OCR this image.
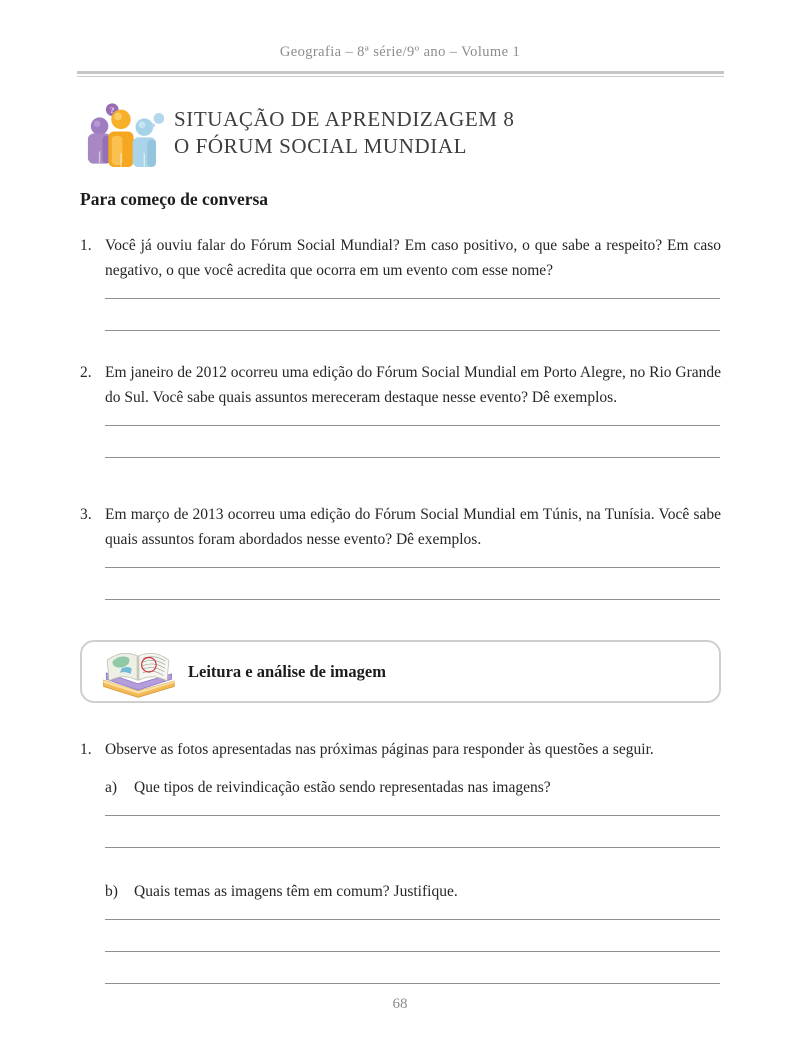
Geografia – 8ª série/9º ano – Volume 1
?	SITUAÇÃO DE APRENDIZAGEM 8
O FÓRUM SOCIAL MUNDIAL
Para começo de conversa
1. Você já ouviu falar do Fórum Social Mundial? Em caso positivo, o que sabe a respeito? Em caso negativo, o que você acredita que ocorra em um evento com esse nome?
2. Em janeiro de 2012 ocorreu uma edição do Fórum Social Mundial em Porto Alegre, no Rio Grande do Sul. Você sabe quais assuntos mereceram destaque nesse evento? Dê exemplos.
3. Em março de 2013 ocorreu uma edição do Fórum Social Mundial em Túnis, na Tunísia. Você sabe quais assuntos foram abordados nesse evento? Dê exemplos.
Leitura e análise de imagem
1. Observe as fotos apresentadas nas próximas páginas para responder às questões a seguir.
a)	Que tipos de reivindicação estão sendo representadas nas imagens?
b)	Quais temas as imagens têm em comum? Justifique.
68
